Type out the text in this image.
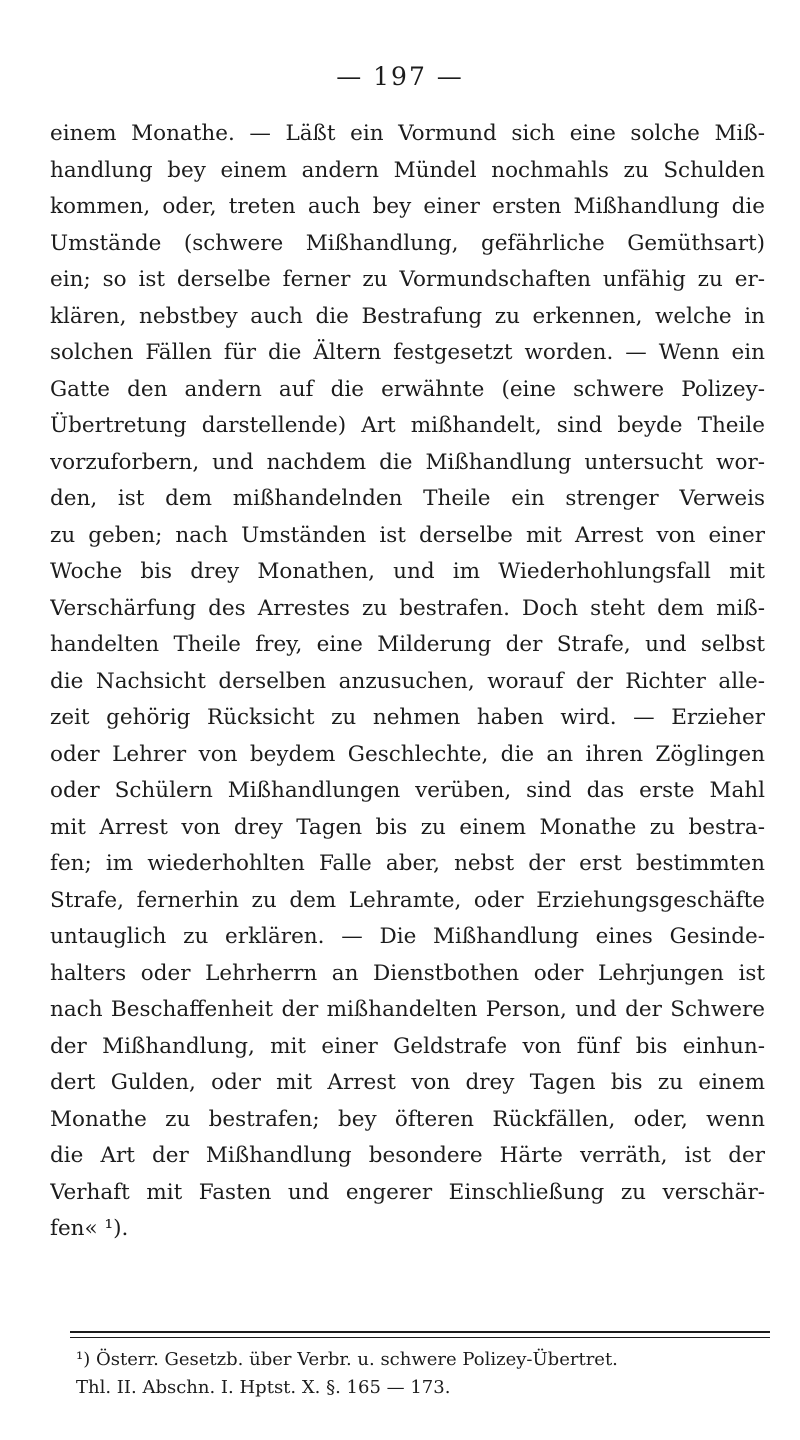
— 197 —

einem Monathe. — Läßt ein Vormund sich eine solche Miß-
handlung bey einem andern Mündel nochmahls zu Schulden
kommen, oder, treten auch bey einer ersten Mißhandlung die
Umstände (schwere Mißhandlung, gefährliche Gemüthsart)
ein; so ist derselbe ferner zu Vormundschaften unfähig zu er-
klären, nebstbey auch die Bestrafung zu erkennen, welche in
solchen Fällen für die Ältern festgesetzt worden. — Wenn ein
Gatte den andern auf die erwähnte (eine schwere Polizey-
Übertretung darstellende) Art mißhandelt, sind beyde Theile
vorzuforbern, und nachdem die Mißhandlung untersucht wor-
den, ist dem mißhandelnden Theile ein strenger Verweis
zu geben; nach Umständen ist derselbe mit Arrest von einer
Woche bis drey Monathen, und im Wiederhohlungsfall mit
Verschärfung des Arrestes zu bestrafen. Doch steht dem miß-
handelten Theile frey, eine Milderung der Strafe, und selbst
die Nachsicht derselben anzusuchen, worauf der Richter alle-
zeit gehörig Rücksicht zu nehmen haben wird. — Erzieher
oder Lehrer von beydem Geschlechte, die an ihren Zöglingen
oder Schülern Mißhandlungen verüben, sind das erste Mahl
mit Arrest von drey Tagen bis zu einem Monathe zu bestra-
fen; im wiederhohlten Falle aber, nebst der erst bestimmten
Strafe, fernerhin zu dem Lehramte, oder Erziehungsgeschäfte
untauglich zu erklären. — Die Mißhandlung eines Gesinde-
halters oder Lehrherrn an Dienstbothen oder Lehrjungen ist
nach Beschaffenheit der mißhandelten Person, und der Schwere
der Mißhandlung, mit einer Geldstrafe von fünf bis einhun-
dert Gulden, oder mit Arrest von drey Tagen bis zu einem
Monathe zu bestrafen; bey öfteren Rückfällen, oder, wenn
die Art der Mißhandlung besondere Härte verräth, ist der
Verhaft mit Fasten und engerer Einschließung zu verschär-
fen« ¹).

¹) Österr. Gesetzb. über Verbr. u. schwere Polizey-Übertret.
Thl. II. Abschn. I. Hptst. X. §. 165 — 173.
